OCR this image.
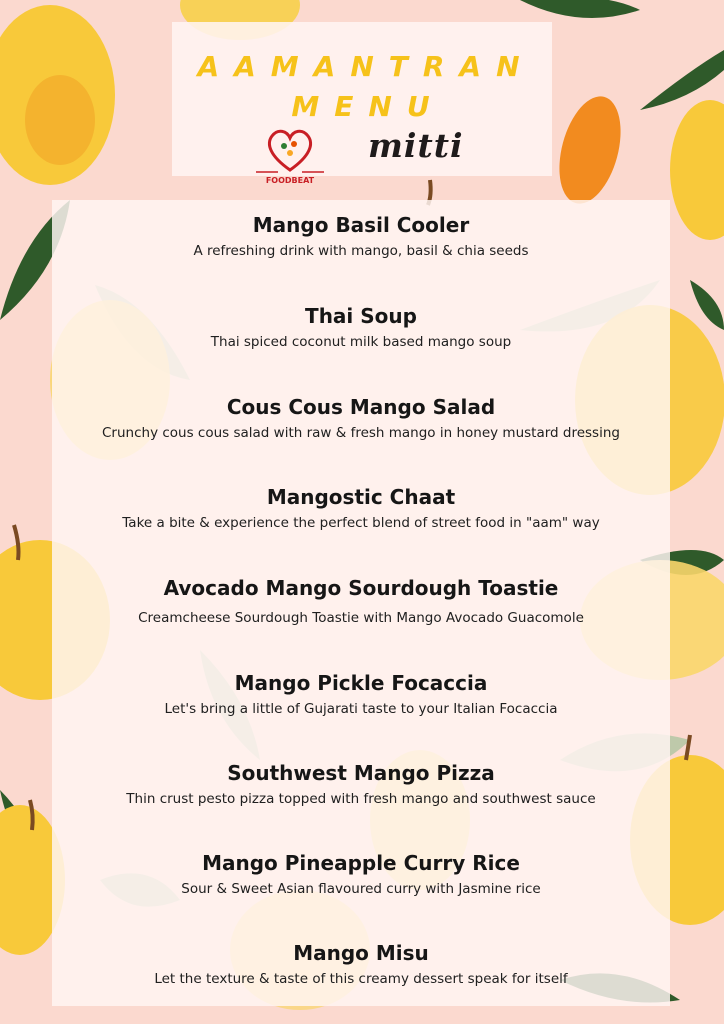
AAMANTRAN
MENU
FOODBEAT
mitti
Mango Basil Cooler
A refreshing drink with mango, basil & chia seeds
Thai Soup
Thai spiced coconut milk based mango soup
Cous Cous Mango Salad
Crunchy cous cous salad with raw & fresh mango in honey mustard dressing
Mangostic Chaat
Take a bite & experience the perfect blend of street food in "aam" way
Avocado Mango Sourdough Toastie
Creamcheese Sourdough Toastie with Mango Avocado Guacomole
Mango Pickle Focaccia
Let's bring a little of Gujarati taste to your Italian Focaccia
Southwest Mango Pizza
Thin crust pesto pizza topped with fresh mango and southwest sauce
Mango Pineapple Curry Rice
Sour & Sweet Asian flavoured curry with Jasmine rice
Mango Misu
Let the texture & taste of this creamy dessert speak for itself
